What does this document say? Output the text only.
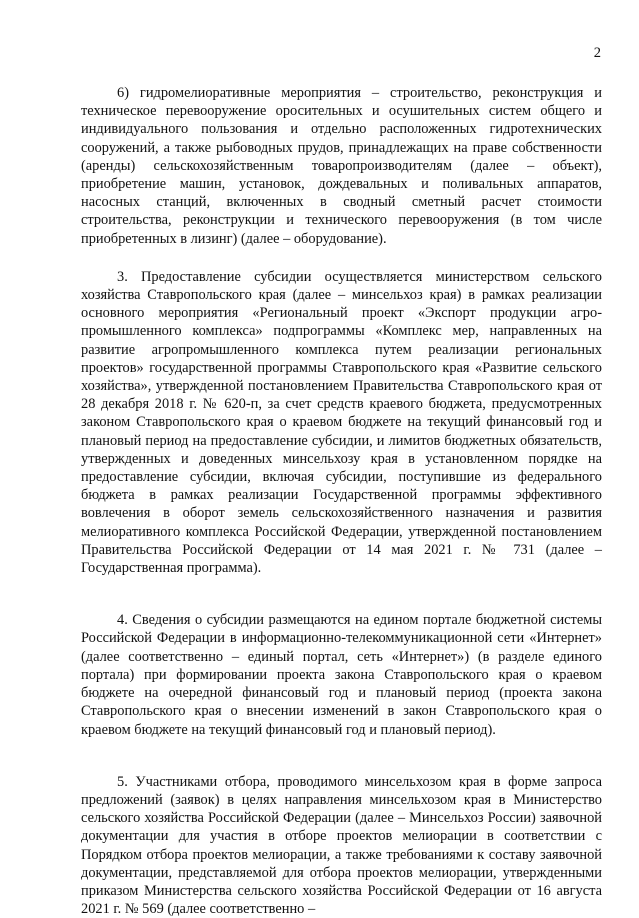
2

6) гидромелиоративные мероприятия – строительство, реконструкция и техническое перевооружение оросительных и осушительных систем общего и индивидуального пользования и отдельно расположенных гидротехнических сооружений, а также рыбоводных прудов, принадлежащих на праве собственности (аренды) сельскохозяйственным товаропроизводителям (далее – объект), приобретение машин, установок, дождевальных и поливальных аппаратов, насосных станций, включенных в сводный сметный расчет стоимости строительства, реконструкции и технического перевооружения (в том числе приобретенных в лизинг) (далее – оборудование).

3. Предоставление субсидии осуществляется министерством сельского хозяйства Ставропольского края (далее – минсельхоз края) в рамках реализации основного мероприятия «Региональный проект «Экспорт продукции агропромышленного комплекса» подпрограммы «Комплекс мер, направленных на развитие агропромышленного комплекса путем реализации региональных проектов» государственной программы Ставропольского края «Развитие сельского хозяйства», утвержденной постановлением Правительства Ставропольского края от 28 декабря 2018 г. № 620-п, за счет средств краевого бюджета, предусмотренных законом Ставропольского края о краевом бюджете на текущий финансовый год и плановый период на предоставление субсидии, и лимитов бюджетных обязательств, утвержденных и доведенных минсельхозу края в установленном порядке на предоставление субсидии, включая субсидии, поступившие из федерального бюджета в рамках реализации Государственной программы эффективного вовлечения в оборот земель сельскохозяйственного назначения и развития мелиоративного комплекса Российской Федерации, утвержденной постановлением Правительства Российской Федерации от 14 мая 2021 г. № 731 (далее – Государственная программа).

4. Сведения о субсидии размещаются на едином портале бюджетной системы Российской Федерации в информационно-телекоммуникационной сети «Интернет» (далее соответственно – единый портал, сеть «Интернет») (в разделе единого портала) при формировании проекта закона Ставропольского края о краевом бюджете на очередной финансовый год и плановый период (проекта закона Ставропольского края о внесении изменений в закон Ставропольского края о краевом бюджете на текущий финансовый год и плановый период).

5. Участниками отбора, проводимого минсельхозом края в форме запроса предложений (заявок) в целях направления минсельхозом края в Министерство сельского хозяйства Российской Федерации (далее – Минсельхоз России) заявочной документации для участия в отборе проектов мелиорации в соответствии с Порядком отбора проектов мелиорации, а также требованиями к составу заявочной документации, представляемой для отбора проектов мелиорации, утвержденными приказом Министерства сельского хозяйства Российской Федерации от 16 августа 2021 г. № 569 (далее соответственно –
